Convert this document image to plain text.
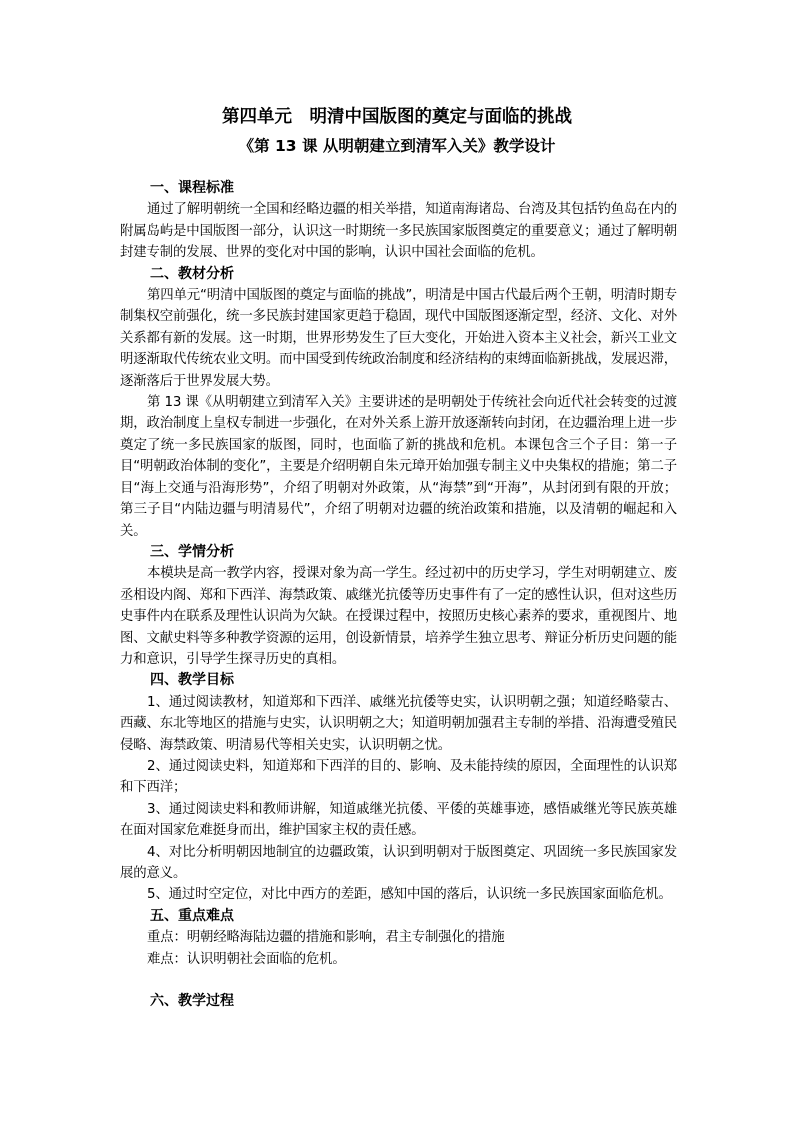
第四单元　明清中国版图的奠定与面临的挑战
《第 13 课 从明朝建立到清军入关》教学设计
一、课程标准

通过了解明朝统一全国和经略边疆的相关举措，知道南海诸岛、台湾及其包括钓鱼岛在内的附属岛屿是中国版图一部分，认识这一时期统一多民族国家版图奠定的重要意义；通过了解明朝封建专制的发展、世界的变化对中国的影响，认识中国社会面临的危机。

二、教材分析

第四单元“明清中国版图的奠定与面临的挑战”，明清是中国古代最后两个王朝，明清时期专制集权空前强化，统一多民族封建国家更趋于稳固，现代中国版图逐渐定型，经济、文化、对外关系都有新的发展。这一时期，世界形势发生了巨大变化，开始进入资本主义社会，新兴工业文明逐渐取代传统农业文明。而中国受到传统政治制度和经济结构的束缚面临新挑战，发展迟滞，逐渐落后于世界发展大势。

第 13 课《从明朝建立到清军入关》主要讲述的是明朝处于传统社会向近代社会转变的过渡期，政治制度上皇权专制进一步强化，在对外关系上游开放逐渐转向封闭，在边疆治理上进一步奠定了统一多民族国家的版图，同时，也面临了新的挑战和危机。本课包含三个子目：第一子目“明朝政治体制的变化”，主要是介绍明朝自朱元璋开始加强专制主义中央集权的措施；第二子目“海上交通与沿海形势”，介绍了明朝对外政策，从“海禁”到“开海”，从封闭到有限的开放；第三子目“内陆边疆与明清易代”，介绍了明朝对边疆的统治政策和措施，以及清朝的崛起和入关。

三、学情分析

本模块是高一教学内容，授课对象为高一学生。经过初中的历史学习，学生对明朝建立、废丞相设内阁、郑和下西洋、海禁政策、戚继光抗倭等历史事件有了一定的感性认识，但对这些历史事件内在联系及理性认识尚为欠缺。在授课过程中，按照历史核心素养的要求，重视图片、地图、文献史料等多种教学资源的运用，创设新情景，培养学生独立思考、辩证分析历史问题的能力和意识，引导学生探寻历史的真相。

四、教学目标

1、通过阅读教材，知道郑和下西洋、戚继光抗倭等史实，认识明朝之强；知道经略蒙古、西藏、东北等地区的措施与史实，认识明朝之大；知道明朝加强君主专制的举措、沿海遭受殖民侵略、海禁政策、明清易代等相关史实，认识明朝之忧。

2、通过阅读史料，知道郑和下西洋的目的、影响、及未能持续的原因，全面理性的认识郑和下西洋；

3、通过阅读史料和教师讲解，知道戚继光抗倭、平倭的英雄事迹，感悟戚继光等民族英雄在面对国家危难挺身而出，维护国家主权的责任感。

4、对比分析明朝因地制宜的边疆政策，认识到明朝对于版图奠定、巩固统一多民族国家发展的意义。

5、通过时空定位，对比中西方的差距，感知中国的落后，认识统一多民族国家面临危机。

五、重点难点

重点：明朝经略海陆边疆的措施和影响，君主专制强化的措施

难点：认识明朝社会面临的危机。

六、教学过程
